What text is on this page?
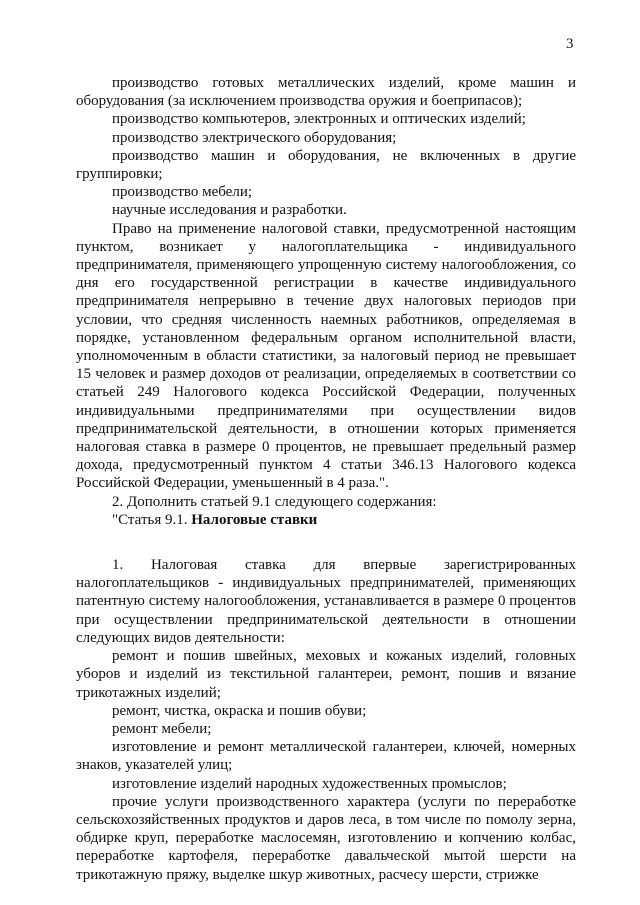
3

производство готовых металлических изделий, кроме машин и оборудования (за исключением производства оружия и боеприпасов);

производство компьютеров, электронных и оптических изделий;

производство электрического оборудования;

производство машин и оборудования, не включенных в другие группировки;

производство мебели;

научные исследования и разработки.

Право на применение налоговой ставки, предусмотренной настоящим пунктом, возникает у налогоплательщика - индивидуального предпринимателя, применяющего упрощенную систему налогообложения, со дня его государственной регистрации в качестве индивидуального предпринимателя непрерывно в течение двух налоговых периодов при условии, что средняя численность наемных работников, определяемая в порядке, установленном федеральным органом исполнительной власти, уполномоченным в области статистики, за налоговый период не превышает 15 человек и размер доходов от реализации, определяемых в соответствии со статьей 249 Налогового кодекса Российской Федерации, полученных индивидуальными предпринимателями при осуществлении видов предпринимательской деятельности, в отношении которых применяется налоговая ставка в размере 0 процентов, не превышает предельный размер дохода, предусмотренный пунктом 4 статьи 346.13 Налогового кодекса Российской Федерации, уменьшенный в 4 раза.".

2. Дополнить статьей 9.1 следующего содержания:

"Статья 9.1. Налоговые ставки

1. Налоговая ставка для впервые зарегистрированных налогоплательщиков - индивидуальных предпринимателей, применяющих патентную систему налогообложения, устанавливается в размере 0 процентов при осуществлении предпринимательской деятельности в отношении следующих видов деятельности:

ремонт и пошив швейных, меховых и кожаных изделий, головных уборов и изделий из текстильной галантереи, ремонт, пошив и вязание трикотажных изделий;

ремонт, чистка, окраска и пошив обуви;

ремонт мебели;

изготовление и ремонт металлической галантереи, ключей, номерных знаков, указателей улиц;

изготовление изделий народных художественных промыслов;

прочие услуги производственного характера (услуги по переработке сельскохозяйственных продуктов и даров леса, в том числе по помолу зерна, обдирке круп, переработке маслосемян, изготовлению и копчению колбас, переработке картофеля, переработке давальческой мытой шерсти на трикотажную пряжу, выделке шкур животных, расчесу шерсти, стрижке
